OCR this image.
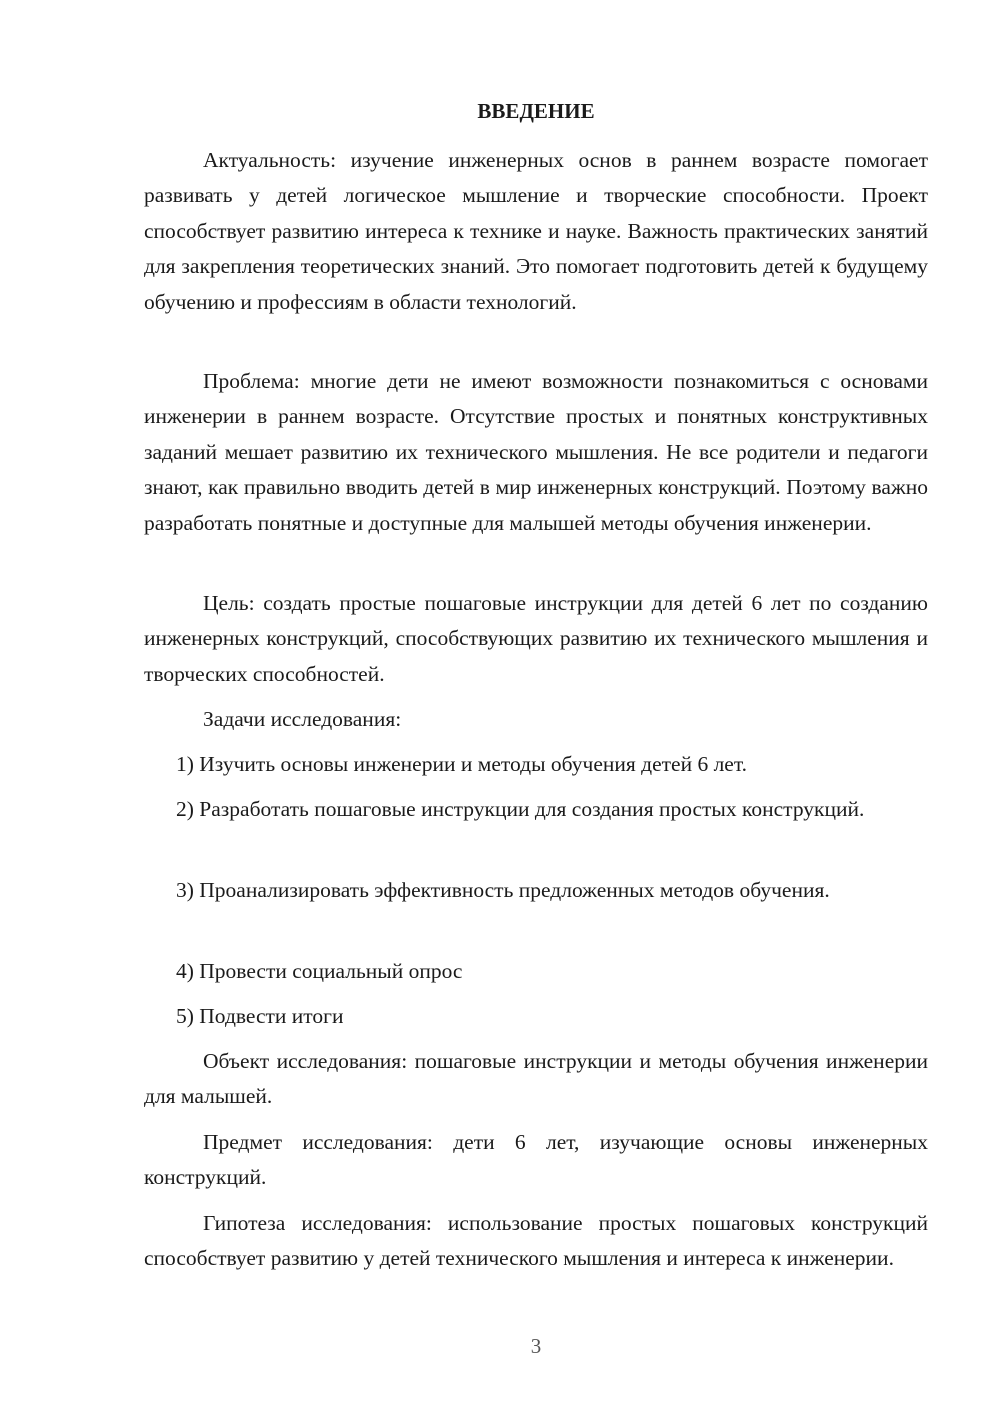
ВВЕДЕНИЕ

Актуальность: изучение инженерных основ в раннем возрасте помогает развивать у детей логическое мышление и творческие способности. Проект способствует развитию интереса к технике и науке. Важность практических занятий для закрепления теоретических знаний. Это помогает подготовить детей к будущему обучению и профессиям в области технологий.

Проблема: многие дети не имеют возможности познакомиться с основами инженерии в раннем возрасте. Отсутствие простых и понятных конструктивных заданий мешает развитию их технического мышления. Не все родители и педагоги знают, как правильно вводить детей в мир инженерных конструкций. Поэтому важно разработать понятные и доступные для малышей методы обучения инженерии.

Цель: создать простые пошаговые инструкции для детей 6 лет по созданию инженерных конструкций, способствующих развитию их технического мышления и творческих способностей.

Задачи исследования:

1) Изучить основы инженерии и методы обучения детей 6 лет.

2) Разработать пошаговые инструкции для создания простых конструкций.

3) Проанализировать эффективность предложенных методов обучения.

4) Провести социальный опрос

5) Подвести итоги

Объект исследования: пошаговые инструкции и методы обучения инженерии для малышей.

Предмет исследования: дети 6 лет, изучающие основы инженерных конструкций.

Гипотеза исследования: использование простых пошаговых конструкций способствует развитию у детей технического мышления и интереса к инженерии.

3
